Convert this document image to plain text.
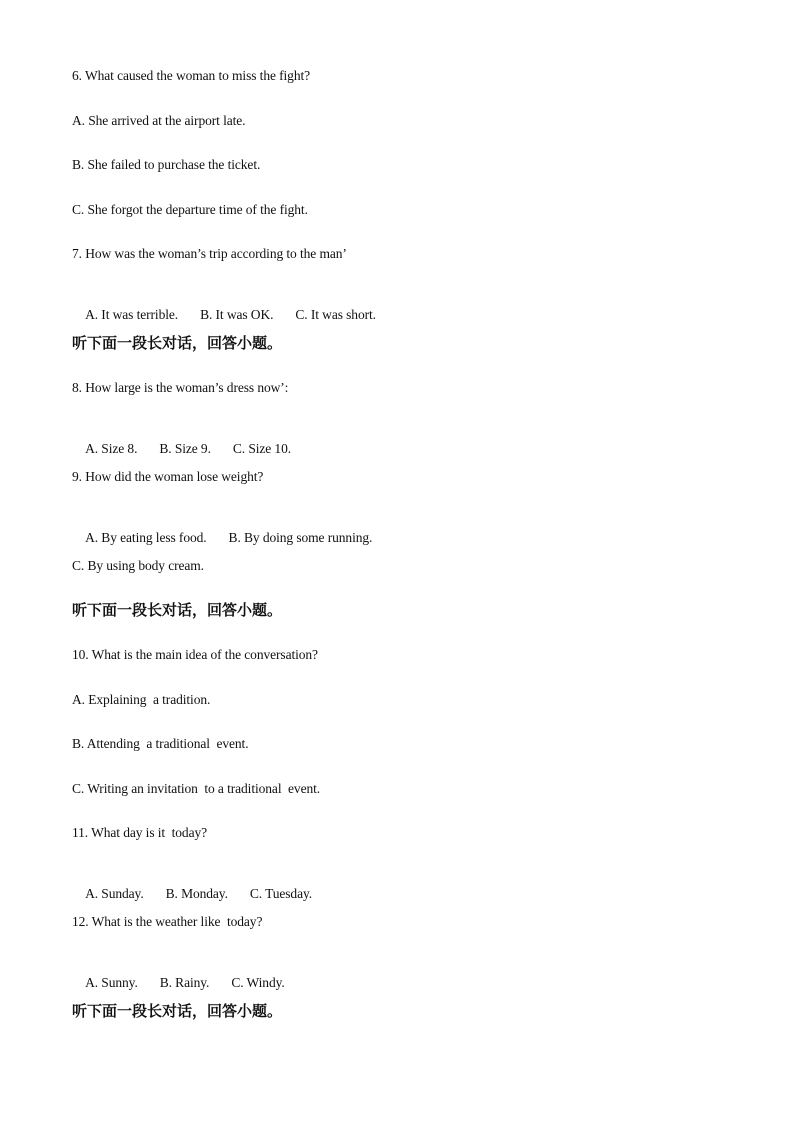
6. What caused the woman to miss the fight?
A. She arrived at the airport late.
B. She failed to purchase the ticket.
C. She forgot the departure time of the fight.
7. How was the woman’s trip according to the man’

A. It was terrible. B. It was OK. C. It was short.

听下面一段长对话，回答小题。
8. How large is the woman’s dress now’:

A. Size 8. B. Size 9. C. Size 10.

9. How did the woman lose weight?

A. By eating less food. B. By doing some running.

C. By using body cream.
听下面一段长对话，回答小题。
10. What is the main idea of the conversation?
A. Explaining  a tradition.
B. Attending  a traditional  event.
C. Writing an invitation  to a traditional  event.
11. What day is it  today?

A. Sunday. B. Monday. C. Tuesday.

12. What is the weather like  today?

A. Sunny. B. Rainy. C. Windy.

听下面一段长对话，回答小题。
